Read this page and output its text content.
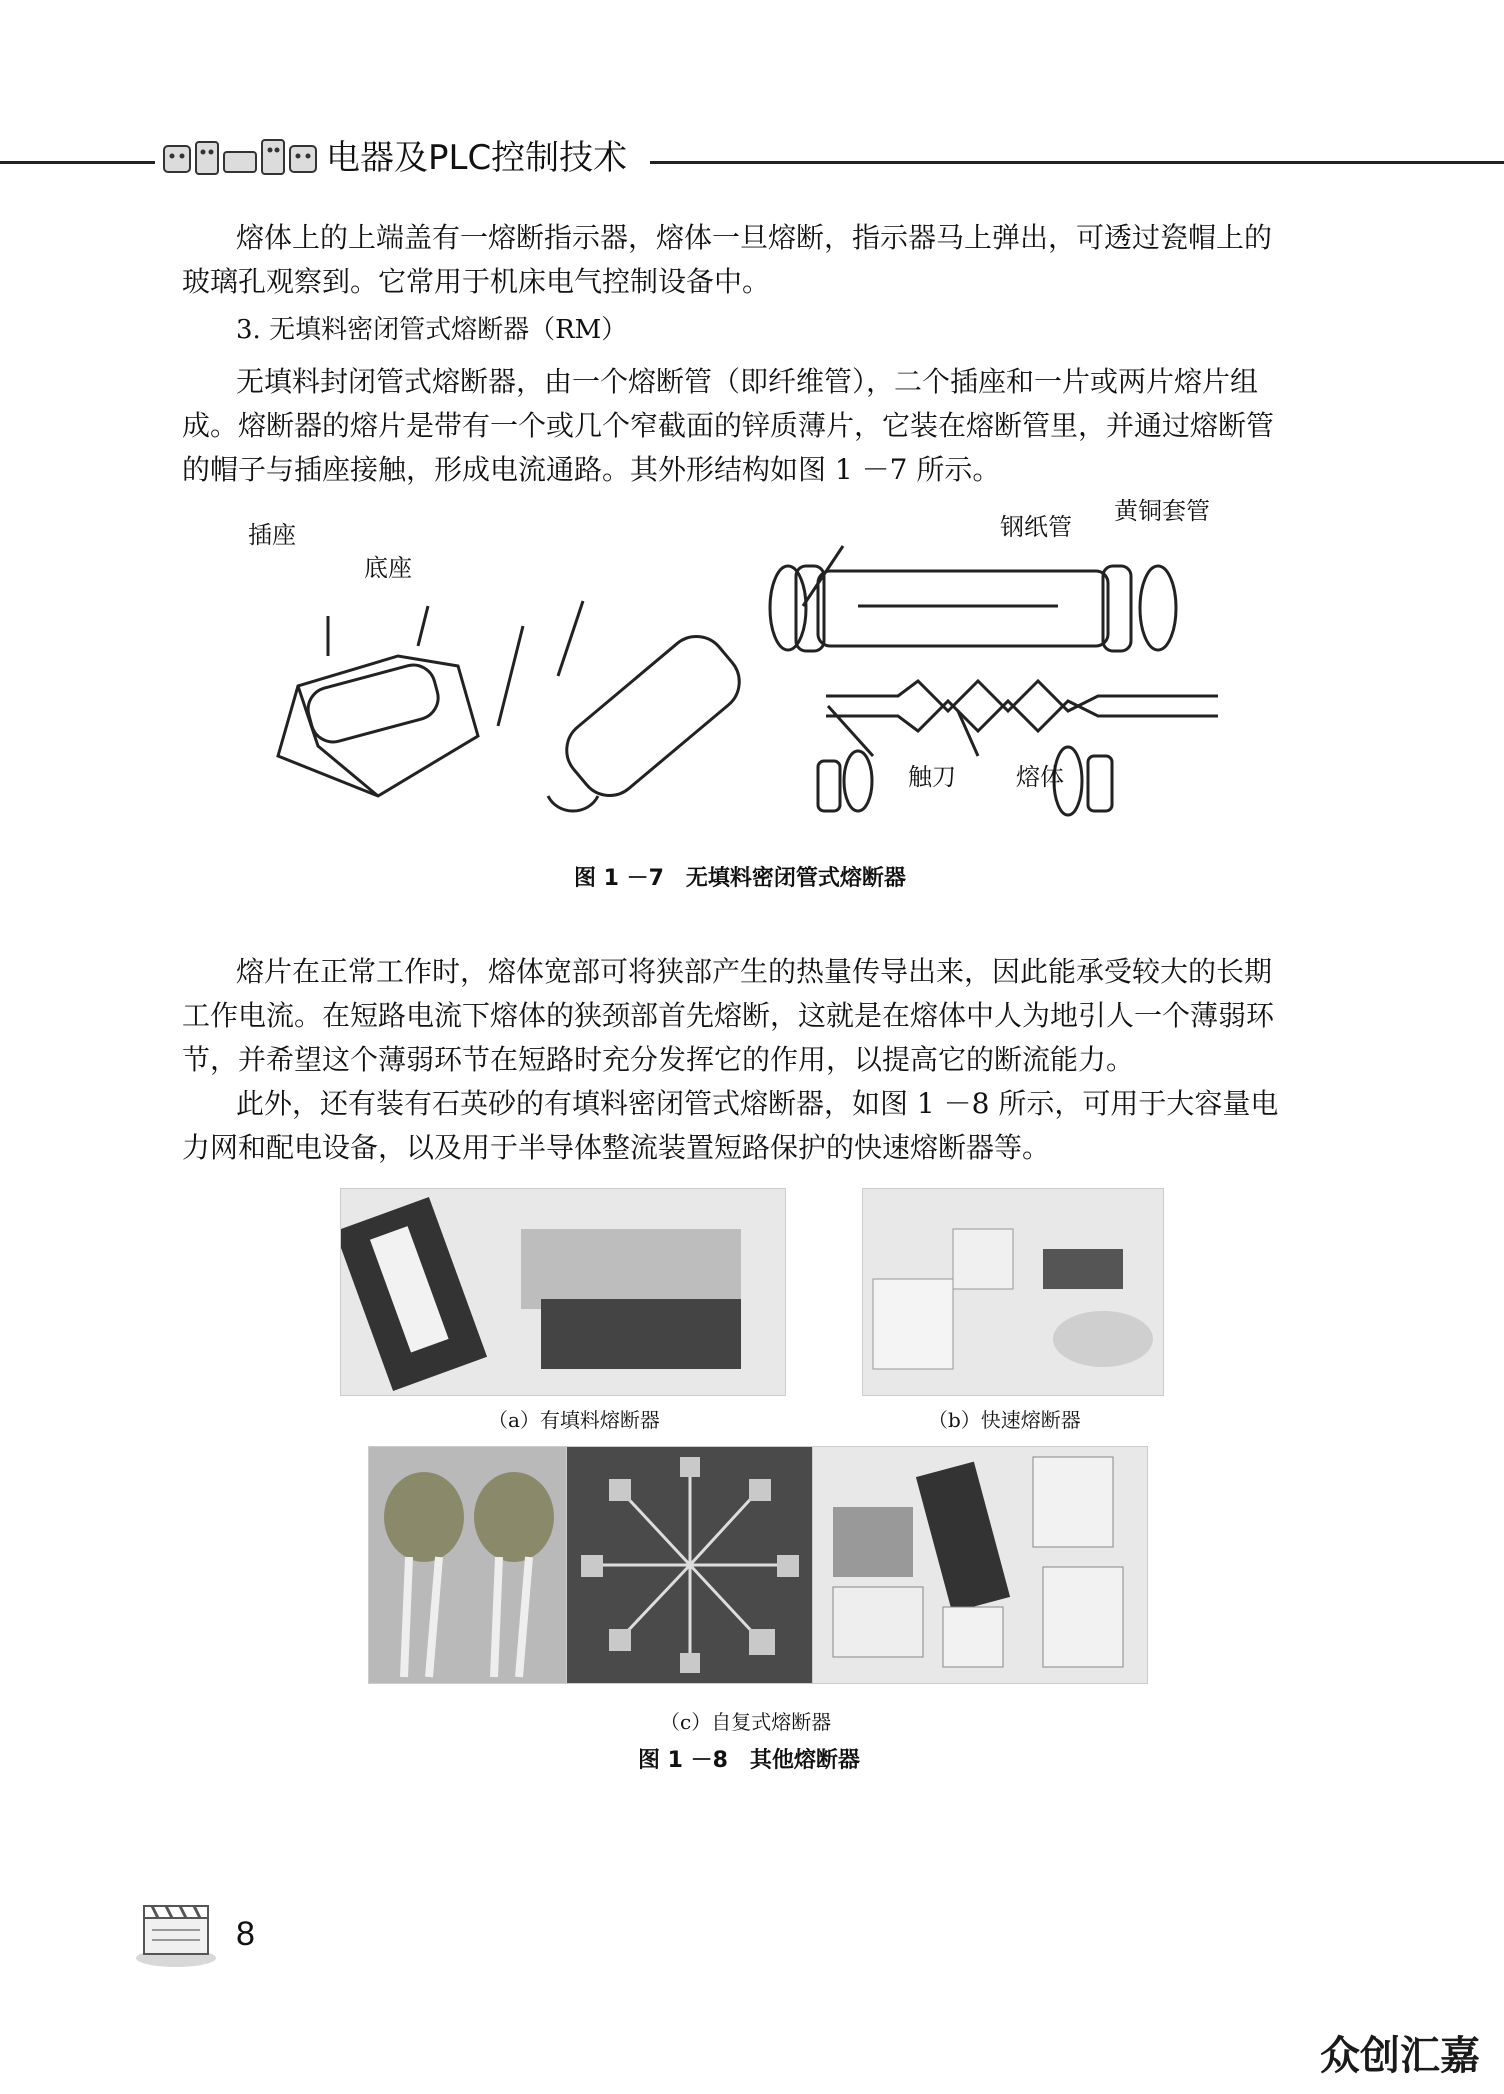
电器及PLC控制技术
熔体上的上端盖有一熔断指示器，熔体一旦熔断，指示器马上弹出，可透过瓷帽上的
玻璃孔观察到。它常用于机床电气控制设备中。
3. 无填料密闭管式熔断器（RM）
无填料封闭管式熔断器，由一个熔断管（即纤维管），二个插座和一片或两片熔片组
成。熔断器的熔片是带有一个或几个窄截面的锌质薄片，它装在熔断管里，并通过熔断管
的帽子与插座接触，形成电流通路。其外形结构如图 1 －7 所示。
插座
底座
钢纸管
黄铜套管
触刀	熔体
图 1 －7　无填料密闭管式熔断器
熔片在正常工作时，熔体宽部可将狭部产生的热量传导出来，因此能承受较大的长期
工作电流。在短路电流下熔体的狭颈部首先熔断，这就是在熔体中人为地引人一个薄弱环
节，并希望这个薄弱环节在短路时充分发挥它的作用，以提高它的断流能力。
此外，还有装有石英砂的有填料密闭管式熔断器，如图 1 －8 所示，可用于大容量电
力网和配电设备，以及用于半导体整流装置短路保护的快速熔断器等。
（a）有填料熔断器	（b）快速熔断器
（c）自复式熔断器
图 1 －8　其他熔断器
8
众创汇嘉
